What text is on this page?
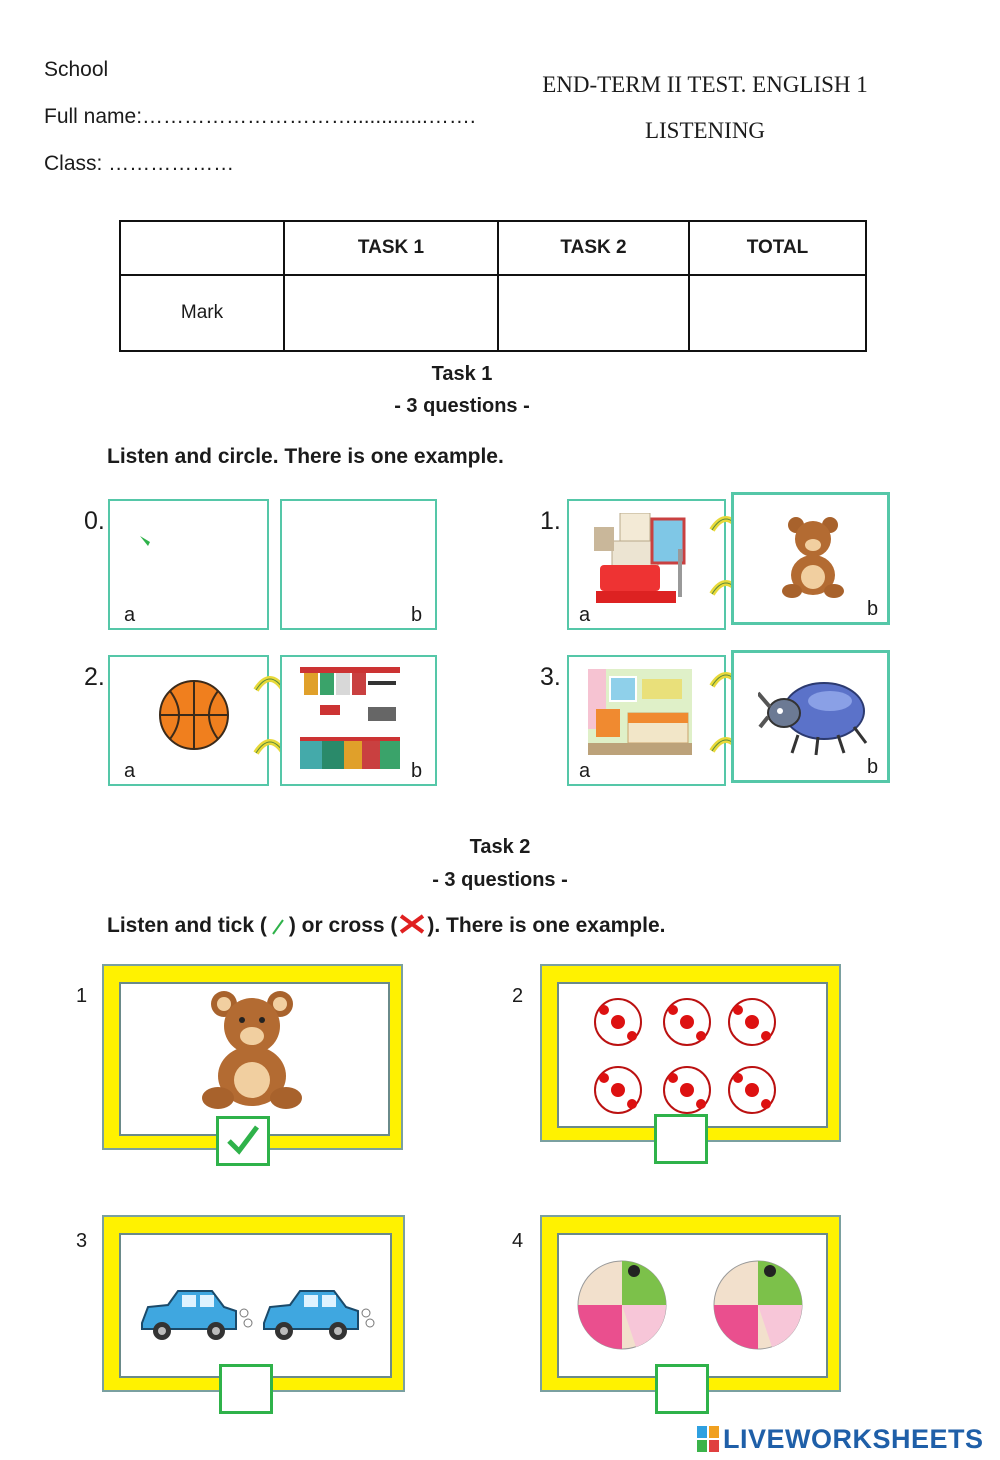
School
Full name:………………………….............…….
Class: ………………
END-TERM II TEST. ENGLISH 1
LISTENING
	TASK 1	TASK 2	TOTAL
Mark			
Task 1
- 3 questions -
Listen and circle. There is one example.
0.
a	b
1.
a	b
2.
a	b
3.
a	b
Task 2
- 3 questions -
Listen and tick ( ) or cross ( ). There is one example.
1	2
3	4
LIVEWORKSHEETS
